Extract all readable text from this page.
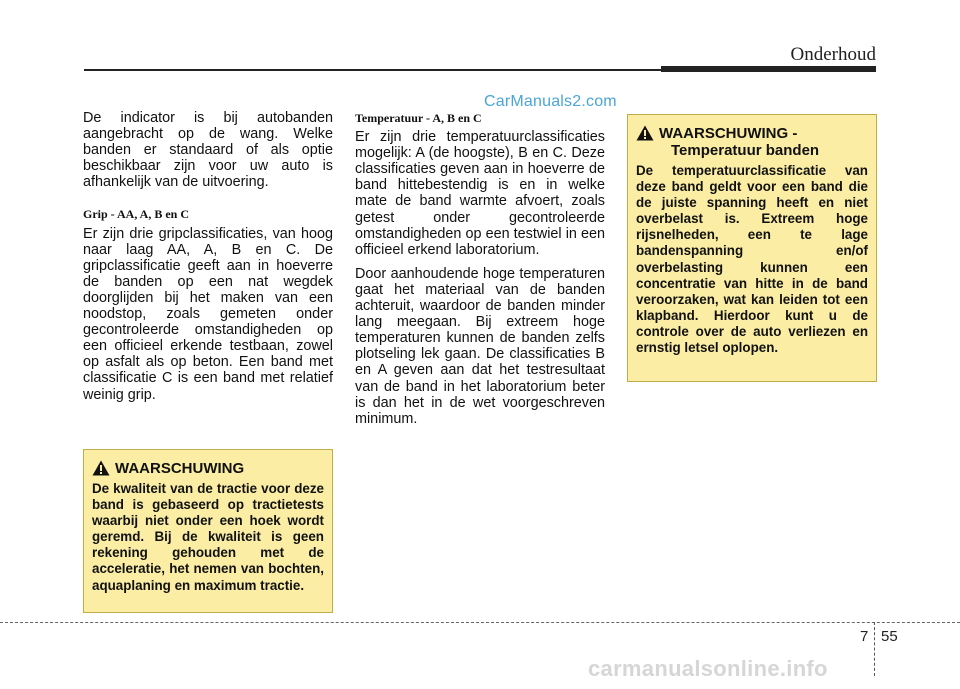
Onderhoud
CarManuals2.com

De indicator is bij autobanden aangebracht op de wang. Welke banden er standaard of als optie beschikbaar zijn voor uw auto is afhankelijk van de uitvoering.

Grip - AA, A, B en C

Er zijn drie gripclassificaties, van hoog naar laag AA, A, B en C. De gripclassificatie geeft aan in hoeverre de banden op een nat wegdek doorglijden bij het maken van een noodstop, zoals gemeten onder gecontroleerde omstandigheden op een officieel erkende testbaan, zowel op asfalt als op beton. Een band met classificatie C is een band met relatief weinig grip.

Temperatuur - A, B en C

Er zijn drie temperatuurclassificaties mogelijk: A (de hoogste), B en C. Deze classificaties geven aan in hoeverre de band hittebestendig is en in welke mate de band warmte afvoert, zoals getest onder gecontroleerde omstandigheden op een testwiel in een officieel erkend laboratorium.

Door aanhoudende hoge temperaturen gaat het materiaal van de banden achteruit, waardoor de banden minder lang meegaan. Bij extreem hoge temperaturen kunnen de banden zelfs plotseling lek gaan. De classificaties B en A geven aan dat het testresultaat van de band in het laboratorium beter is dan het in de wet voorgeschreven minimum.

WAARSCHUWING
De kwaliteit van de tractie voor deze band is gebaseerd op tractietests waarbij niet onder een hoek wordt geremd. Bij de kwaliteit is geen rekening gehouden met de acceleratie, het nemen van bochten, aquaplaning en maximum tractie.
WAARSCHUWING -
Temperatuur banden
De temperatuurclassificatie van deze band geldt voor een band die de juiste spanning heeft en niet overbelast is. Extreem hoge rijsnelheden, een te lage bandenspanning en/of overbelasting kunnen een concentratie van hitte in de band veroorzaken, wat kan leiden tot een klapband. Hierdoor kunt u de controle over de auto verliezen en ernstig letsel oplopen.
7 55
carmanualsonline.info
